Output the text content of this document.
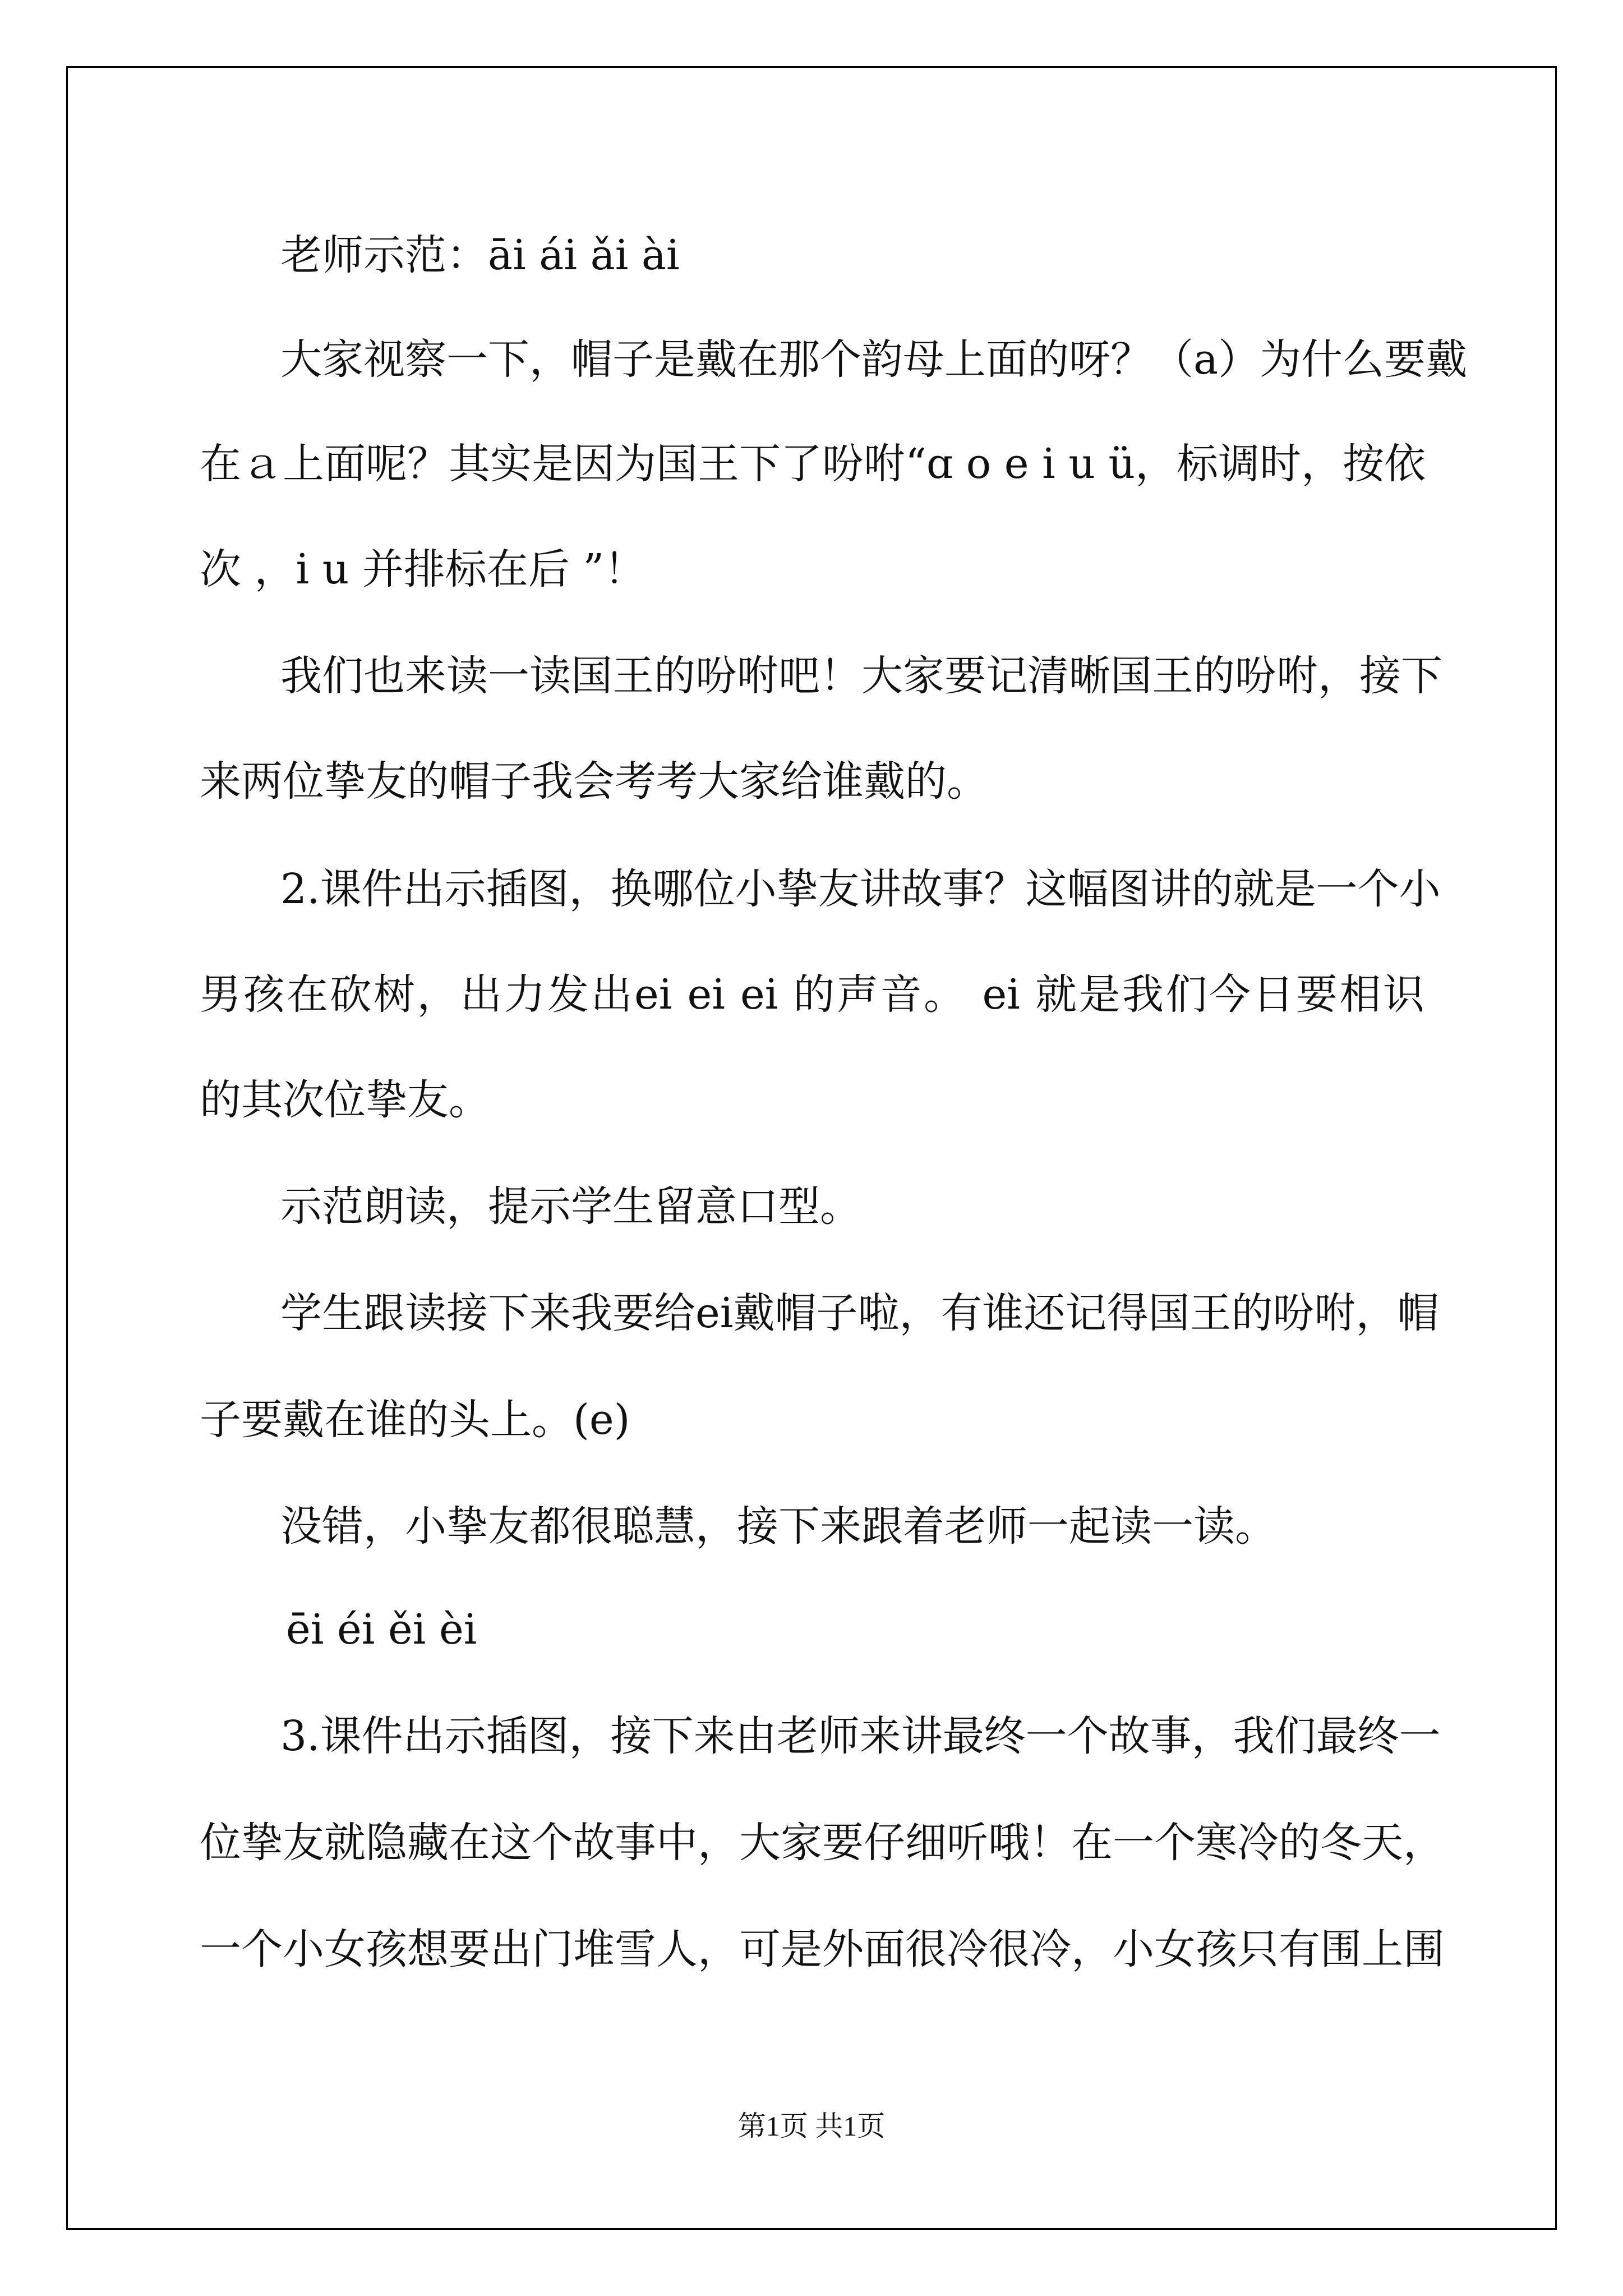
老师示范：āi ái ǎi ài
大家视察一下，帽子是戴在那个韵母上面的呀？（a）为什么要戴
在ａ上面呢？其实是因为国王下了吩咐“ɑ o e i u ü，标调时，按依
次 ，i u 并排标在后 ”！
我们也来读一读国王的吩咐吧！大家要记清晰国王的吩咐，接下
来两位挚友的帽子我会考考大家给谁戴的。
2.课件出示插图，换哪位小挚友讲故事？这幅图讲的就是一个小
男孩在砍树，出力发出ei ei ei 的声音。 ei 就是我们今日要相识
的其次位挚友。
示范朗读，提示学生留意口型。
学生跟读接下来我要给ei戴帽子啦，有谁还记得国王的吩咐，帽
子要戴在谁的头上。(e)
没错，小挚友都很聪慧，接下来跟着老师一起读一读。
ēi éi ěi èi
3.课件出示插图，接下来由老师来讲最终一个故事，我们最终一
位挚友就隐藏在这个故事中，大家要仔细听哦！在一个寒冷的冬天，
一个小女孩想要出门堆雪人，可是外面很冷很冷，小女孩只有围上围
第1页 共1页
